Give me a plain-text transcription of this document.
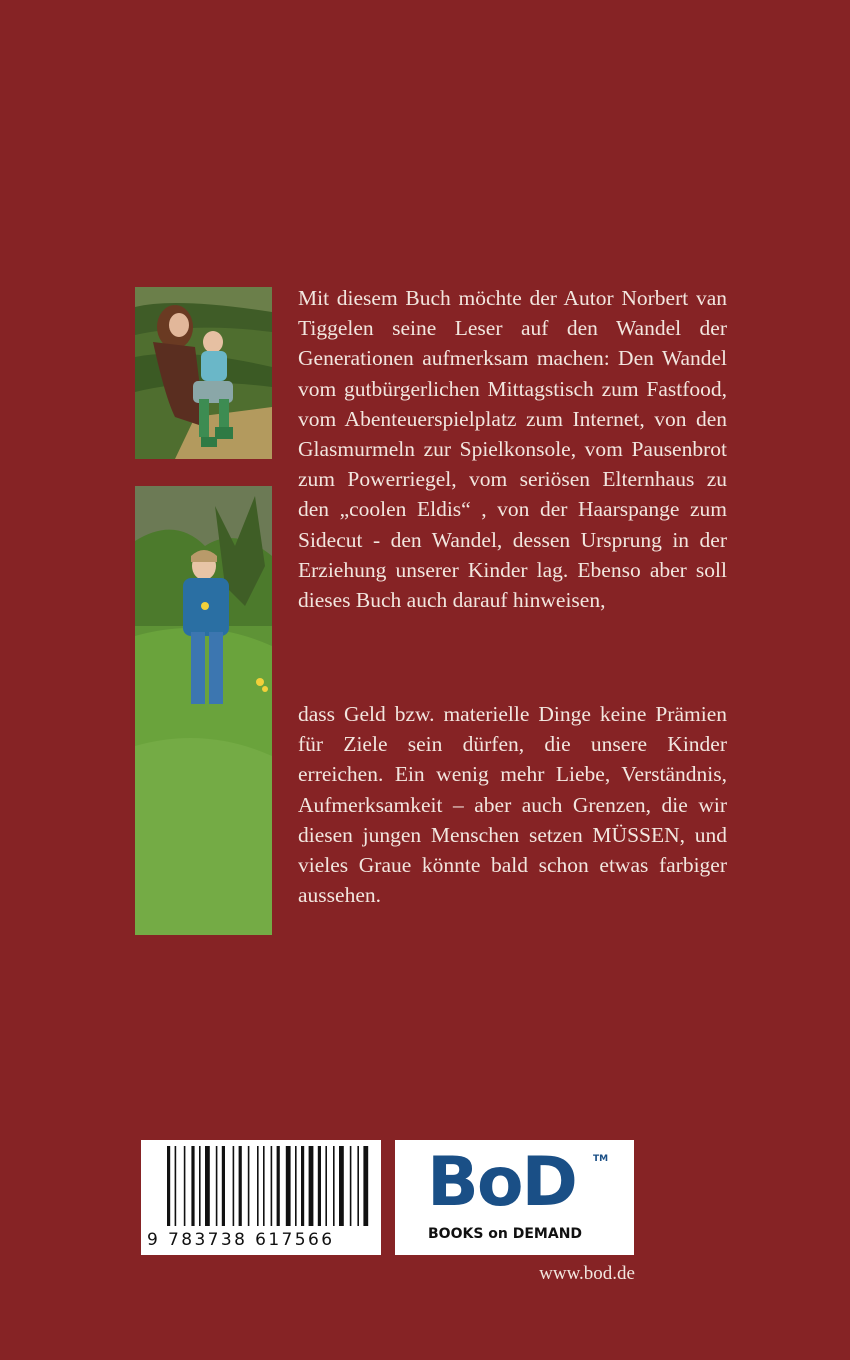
Mit diesem Buch möchte der Autor Norbert van Tiggelen seine Leser auf den Wandel der Generationen aufmerksam machen: Den Wandel vom gutbürgerlichen Mittagstisch zum Fastfood, vom Abenteuerspielplatz zum Internet, von den Glasmurmeln zur Spielkonsole, vom Pausenbrot zum Powerriegel, vom seriösen Elternhaus zu den „coolen Eldis“ , von der Haarspange zum Sidecut - den Wandel, dessen Ursprung in der Erziehung unserer Kinder lag. Ebenso aber soll dieses Buch auch darauf hinweisen,

dass Geld bzw. materielle Dinge keine Prämien für Ziele sein dürfen, die unsere Kinder erreichen. Ein wenig mehr Liebe, Verständnis, Aufmerksamkeit – aber auch Grenzen, die wir diesen jungen Menschen setzen MÜSSEN, und vieles Graue könnte bald schon etwas farbiger aussehen.

9 783738 617566
BoD TM
BOOKS on DEMAND
www.bod.de
